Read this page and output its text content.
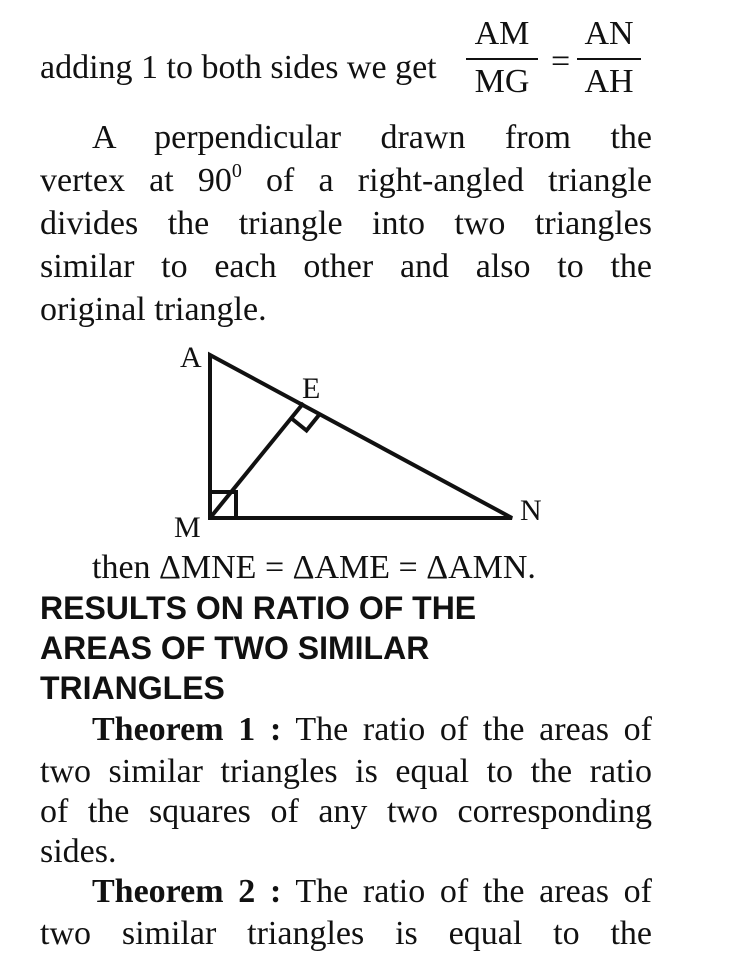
adding 1 to both sides we get
AM
MG
=
AN
AH
A perpendicular drawn from the
vertex at $90^0$ of a right-angled triangle
divides the triangle into two triangles
similar to each other and also to the
original triangle.
A
E
M
N
then ΔMNE = ΔAME = ΔAMN.
RESULTS ON RATIO OF THE
AREAS OF TWO SIMILAR
TRIANGLES
Theorem 1 : The ratio of the areas of
two similar triangles is equal to the ratio
of the squares of any two corresponding
sides.
Theorem 2 : The ratio of the areas of
two similar triangles is equal to the
